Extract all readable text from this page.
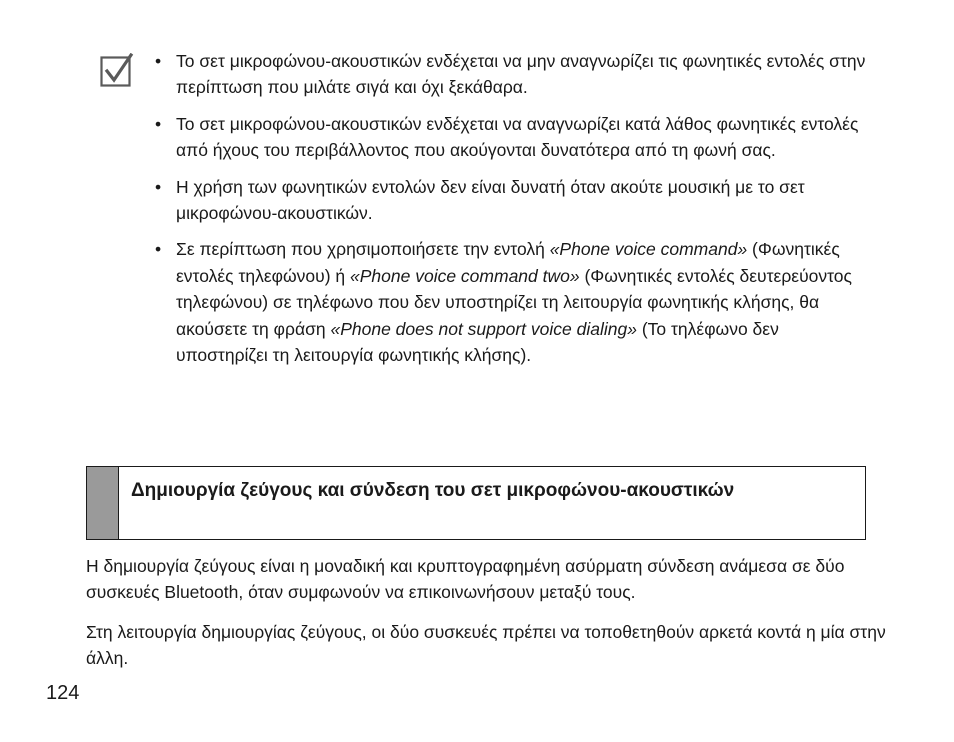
• Το σετ μικροφώνου-ακουστικών ενδέχεται να μην αναγνωρίζει τις φωνητικές εντολές στην περίπτωση που μιλάτε σιγά και όχι ξεκάθαρα.
• Το σετ μικροφώνου-ακουστικών ενδέχεται να αναγνωρίζει κατά λάθος φωνητικές εντολές από ήχους του περιβάλλοντος που ακούγονται δυνατότερα από τη φωνή σας.
• Η χρήση των φωνητικών εντολών δεν είναι δυνατή όταν ακούτε μουσική με το σετ μικροφώνου-ακουστικών.
• Σε περίπτωση που χρησιμοποιήσετε την εντολή «Phone voice command» (Φωνητικές εντολές τηλεφώνου) ή «Phone voice command two» (Φωνητικές εντολές δευτερεύοντος τηλεφώνου) σε τηλέφωνο που δεν υποστηρίζει τη λειτουργία φωνητικής κλήσης, θα ακούσετε τη φράση «Phone does not support voice dialing» (Το τηλέφωνο δεν υποστηρίζει τη λειτουργία φωνητικής κλήσης).
Δημιουργία ζεύγους και σύνδεση του σετ μικροφώνου-ακουστικών

Η δημιουργία ζεύγους είναι η μοναδική και κρυπτογραφημένη ασύρματη σύνδεση ανάμεσα σε δύο συσκευές Bluetooth, όταν συμφωνούν να επικοινωνήσουν μεταξύ τους.

Στη λειτουργία δημιουργίας ζεύγους, οι δύο συσκευές πρέπει να τοποθετηθούν αρκετά κοντά η μία στην άλλη.

124
